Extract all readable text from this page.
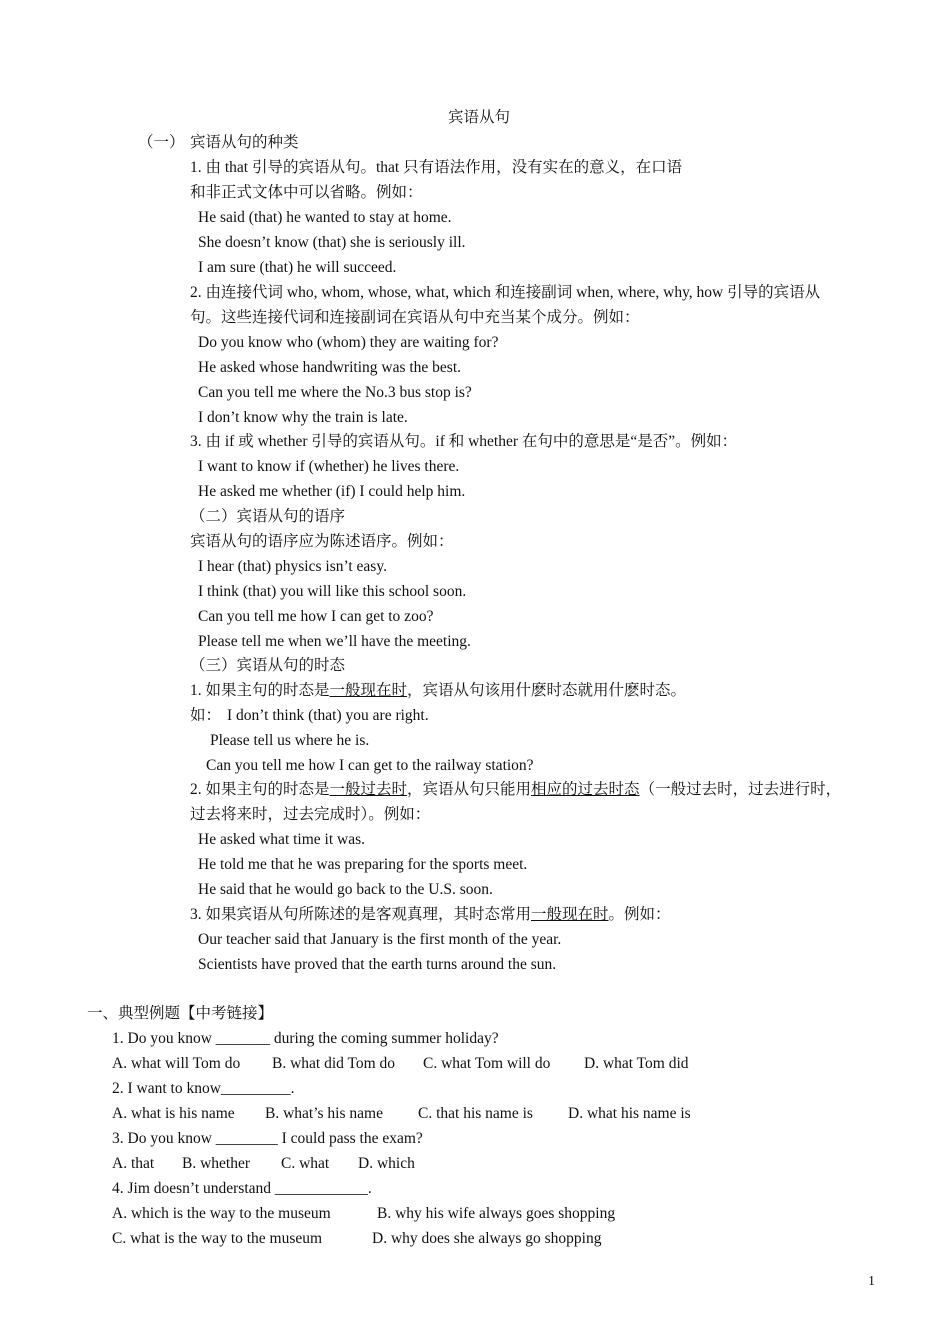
宾语从句
（一） 宾语从句的种类
1. 由 that 引导的宾语从句。that 只有语法作用，没有实在的意义，在口语
和非正式文体中可以省略。例如：
He said (that) he wanted to stay at home.
She doesn’t know (that) she is seriously ill.
I am sure (that) he will succeed.
2. 由连接代词 who, whom, whose, what, which 和连接副词 when, where, why, how 引导的宾语从
句。这些连接代词和连接副词在宾语从句中充当某个成分。例如：
Do you know who (whom) they are waiting for?
He asked whose handwriting was the best.
Can you tell me where the No.3 bus stop is?
I don’t know why the train is late.
3. 由 if 或 whether 引导的宾语从句。if 和 whether 在句中的意思是“是否”。例如：
I want to know if (whether) he lives there.
He asked me whether (if) I could help him.
（二）宾语从句的语序
宾语从句的语序应为陈述语序。例如：
I hear (that) physics isn’t easy.
I think (that) you will like this school soon.
Can you tell me how I can get to zoo?
Please tell me when we’ll have the meeting.
（三）宾语从句的时态
1. 如果主句的时态是一般现在时，宾语从句该用什麽时态就用什麽时态。
如： I don’t think (that) you are right.
Please tell us where he is.
Can you tell me how I can get to the railway station?
2. 如果主句的时态是一般过去时，宾语从句只能用相应的过去时态（一般过去时，过去进行时，
过去将来时，过去完成时）。例如：
He asked what time it was.
He told me that he was preparing for the sports meet.
He said that he would go back to the U.S. soon.
3. 如果宾语从句所陈述的是客观真理，其时态常用一般现在时。例如：
Our teacher said that January is the first month of the year.
Scientists have proved that the earth turns around the sun.
一、典型例题【中考链接】
1. Do you know _______ during the coming summer holiday?
A. what will Tom do B. what did Tom do C. what Tom will do D. what Tom did
2. I want to know_________.
A. what is his name B. what’s his name C. that his name is D. what his name is
3. Do you know ________ I could pass the exam?
A. that B. whether C. what D. which
4. Jim doesn’t understand ____________.
A. which is the way to the museum	B. why his wife always goes shopping
C. what is the way to the museum	D. why does she always go shopping
1
